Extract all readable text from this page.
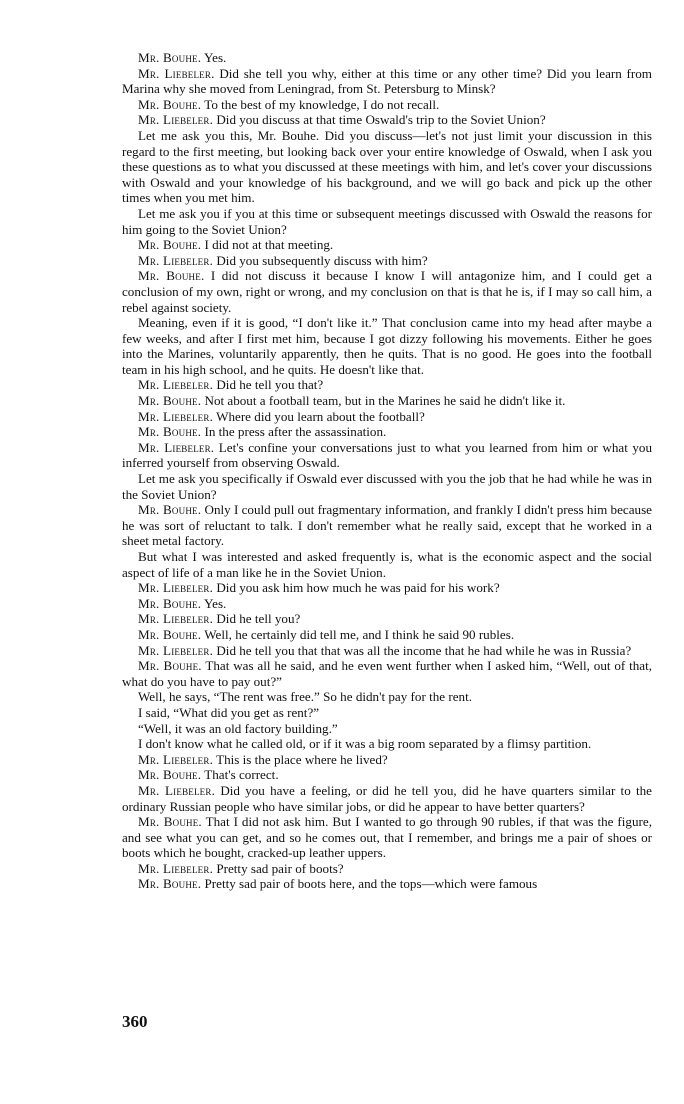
Mr. Bouhe. Yes.

Mr. Liebeler. Did she tell you why, either at this time or any other time? Did you learn from Marina why she moved from Leningrad, from St. Petersburg to Minsk?

Mr. Bouhe. To the best of my knowledge, I do not recall.

Mr. Liebeler. Did you discuss at that time Oswald's trip to the Soviet Union?

Let me ask you this, Mr. Bouhe. Did you discuss—let's not just limit your discussion in this regard to the first meeting, but looking back over your entire knowledge of Oswald, when I ask you these questions as to what you discussed at these meetings with him, and let's cover your discussions with Oswald and your knowledge of his background, and we will go back and pick up the other times when you met him.

Let me ask you if you at this time or subsequent meetings discussed with Oswald the reasons for him going to the Soviet Union?

Mr. Bouhe. I did not at that meeting.

Mr. Liebeler. Did you subsequently discuss with him?

Mr. Bouhe. I did not discuss it because I know I will antagonize him, and I could get a conclusion of my own, right or wrong, and my conclusion on that is that he is, if I may so call him, a rebel against society.

Meaning, even if it is good, “I don't like it.” That conclusion came into my head after maybe a few weeks, and after I first met him, because I got dizzy following his movements. Either he goes into the Marines, voluntarily apparently, then he quits. That is no good. He goes into the football team in his high school, and he quits. He doesn't like that.

Mr. Liebeler. Did he tell you that?

Mr. Bouhe. Not about a football team, but in the Marines he said he didn't like it.

Mr. Liebeler. Where did you learn about the football?

Mr. Bouhe. In the press after the assassination.

Mr. Liebeler. Let's confine your conversations just to what you learned from him or what you inferred yourself from observing Oswald.

Let me ask you specifically if Oswald ever discussed with you the job that he had while he was in the Soviet Union?

Mr. Bouhe. Only I could pull out fragmentary information, and frankly I didn't press him because he was sort of reluctant to talk. I don't remember what he really said, except that he worked in a sheet metal factory.

But what I was interested and asked frequently is, what is the economic aspect and the social aspect of life of a man like he in the Soviet Union.

Mr. Liebeler. Did you ask him how much he was paid for his work?

Mr. Bouhe. Yes.

Mr. Liebeler. Did he tell you?

Mr. Bouhe. Well, he certainly did tell me, and I think he said 90 rubles.

Mr. Liebeler. Did he tell you that that was all the income that he had while he was in Russia?

Mr. Bouhe. That was all he said, and he even went further when I asked him, “Well, out of that, what do you have to pay out?”

Well, he says, “The rent was free.” So he didn't pay for the rent.

I said, “What did you get as rent?”

“Well, it was an old factory building.”

I don't know what he called old, or if it was a big room separated by a flimsy partition.

Mr. Liebeler. This is the place where he lived?

Mr. Bouhe. That's correct.

Mr. Liebeler. Did you have a feeling, or did he tell you, did he have quarters similar to the ordinary Russian people who have similar jobs, or did he appear to have better quarters?

Mr. Bouhe. That I did not ask him. But I wanted to go through 90 rubles, if that was the figure, and see what you can get, and so he comes out, that I remember, and brings me a pair of shoes or boots which he bought, cracked-up leather uppers.

Mr. Liebeler. Pretty sad pair of boots?

Mr. Bouhe. Pretty sad pair of boots here, and the tops—which were famous

360
